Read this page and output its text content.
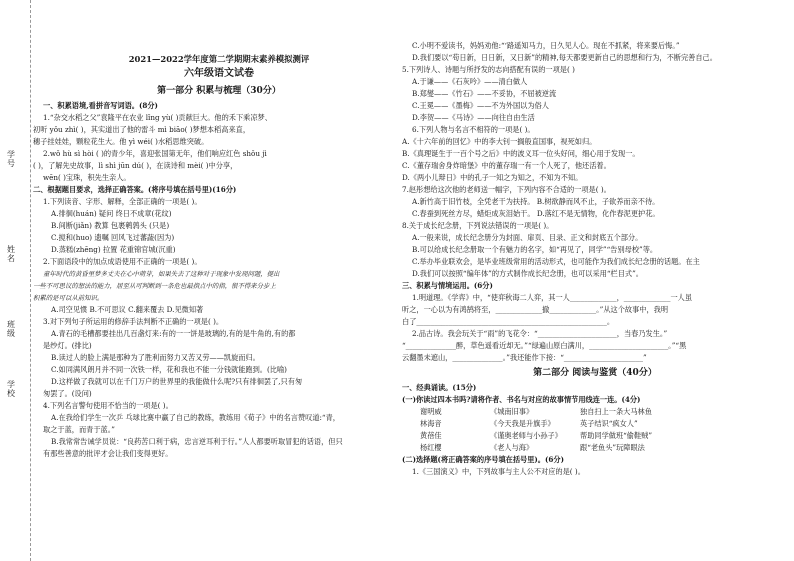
学号
姓名
班级
学校
2021—2022学年度第二学期期末素养模拟测评
六年级语文试卷
第一部分 积累与梳理（30分）
一、积累语境,看拼音写词语。(8分)
1.“杂交水稻之父”袁隆平在农业 lǐng yù( )贡献巨大。他的禾下乘凉梦、
初听 yǒu zhì( )，其实道出了他的雷斗 mì biāo( )梦想本稻高来直，
穗子挂娃娃，颗粒花生大。他 yì wéi( )水稻思维突破。
2.wǒ hù sì hòi ( )的青少年，喜迎张国第无年，他们响应红色 shǒu jì
( )，了解先史故事，lì shì jūn dú( )，在读诗和 mèi( )中分享，
wēn( )宝珠，积先生亲人。
二、根据题目要求，选择正确答案。(将序号填在括号里)(16分)
1.下列读音、字形、解释，全部正确的一项是( )。
A.徘徊(huán) 疑问 终日不成章(花纹)
B.间断(jiǎn) 教算 包裹鹌鹑头 (只是)
C.搅和(huo) 遗嘱 回风飞过蕃蔬(因为)
D.蒸糕(zhēng) 拉置 花重锦官城(沉重)
2.下面语段中的加点成语使用不正确的一项是( )。
童年时代的黄昏里梦多丈夫在心中萌芽，如果失去了这种对于现象中发现问题，提出
一些不可思议的想法的能力，居至从可判断到一条危也最指点中的指，很不得来分步上
积累的是可以从前知识。
A.司空见惯 B.不可思议 C.翻来覆去 D.见微知著
3.对下列句子所运用的修辞手法判断不正确的一项是( )。
A.青石的毛槽都要挂出几百盏灯来:有的一一饼是玻璃的,有的是牛角的,有的都
是纱灯。(排比)
B.读过人的脸上满是那种为了胜利而努力又苦又劳——凯旋而归。
C.如同满风朗月并不同一次铁一样，花和我也不能一分钱就能跑到。(比喻)
D.这样做了我就可以在千门万户的世界里的我能做什么呢?只有徘徊罢了,只有匆
匆罢了。(设问)
4.下列名言警句使用不恰当的一项是( )。
A.在我给们学生一次乒 乓球比赛中赢了自己的教练，教练用《荀子》中的名言赞叹道:“青，
取之于蓝，而青于蓝。”
B.我常常告诫学员说：“良药苦口利于病，忠言逆耳利于行。”人人都要听取冒犯的话语，但只
有那些善意的批评才会让我们变得更好。
C.小明不爱读书，妈妈劝他:“‘路遥知马力，日久见人心。现在不抓紧，将来要后悔。”
D.我们要以“苟日新，日日新，又日新”的精神,每天都要更新自己的思想和行为，不断完善自己。
5.下列诗人、诗题与所抒发的志向搭配有误的一项是( )
A.于谦——《石灰吟》——清白做人
B.郑燮——《竹石》——不妥协，不屈被逆流
C.王冕——《墨梅》——不为外国以为俗人
D.李贺——《马诗》——向往自由生活
6.下列人物与名言不相符的一项是( )。
A.《十六年前的回忆》中的李大钊一搁般直国事，视死如归。
B.《真理诞生于一百个号之后》中的波义耳一位头好问，细心用于发现一。
C.《董存瑞舍身炸暗堡》中的董存瑞一有一个人死了，他还活着。
D.《两小儿辩日》中的孔子一知之为知之，不知为不知。
7.赵彤想给这次他的老师送一幅字，下列内容不合适的一项是( )。
A.新竹高于旧竹枝，全凭老干为扶持。 B.树欲静而风不止，子欲养而亲不待。
C.春蚕到死丝方尽，蜡炬成灰泪始干。 D.落红不是无情物，化作春泥更护花。
8.关于成长纪念册，下列说法错误的一项是( )。
A.一般来说，成长纪念册分为封面、扉页、目录、正文和封底五个部分。
B.可以给成长纪念册取一个有魅力的名字，如“再见了，同学”“告别母校”等。
C.举办毕业联欢会，是毕业班级常用的活动形式，也可能作为我们成长纪念册的话题。在主
D.我们可以按照“编年体”的方式制作成长纪念册，也可以采用“栏目式”。
三、积累与情境运用。(6分)
1.明道理。《学弈》中，“使弈秋诲二人弈，其一人_____________，_____________一人虽
听之，一心以为有鸿鹄将至，_____________撤_____________。”从这个故事中，我明
白了_____________________________________________________。
2.品古诗。我会玩关于“雨”的飞花令：“______________________，当春乃发生。”
“______________醉，草色遥看近却无。”“绿遍山原白满川，______________________。”“黑
云翻墨未遮山，______________。”我还能作下接：“______________________”
第二部分 阅读与鉴赏（40分）
一、经典诵读。(15分)
(一)你读过四本书吗?请将作者、书名与对应的故事情节用线连一连。(4分)
谢明威	《城南旧事》	独自扫上一条大马林鱼
林海音	《今天我是升旗手》	英子结识“疯女人”
黄蓓佳	《谨奥老师与小孙子》	帮助同学做班“偷鞋贼”
杨红樱	《老人与海》	跟“老鱼头”玩障眼法
(二)选择题(将正确答案的序号填在括号里)。(6分)
1.《三国演义》中，下列故事与主人公不对应的是( )。
